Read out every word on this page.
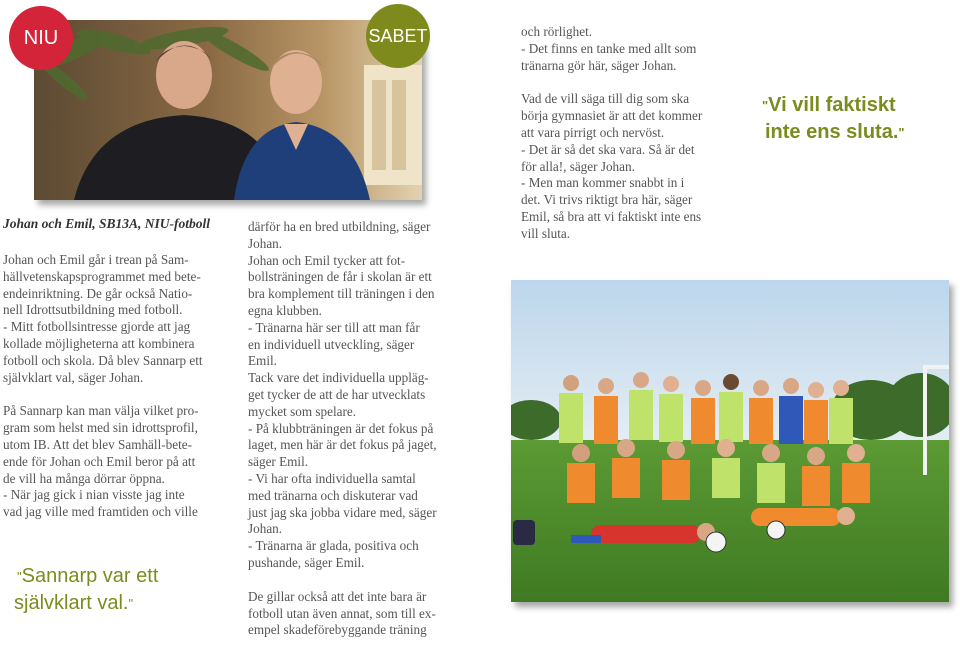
NIU	SABET
Johan och Emil, SB13A, NIU-fotboll

Johan och Emil går i trean på Sam-
hällvetenskapsprogrammet med bete-
endeinriktning. De går också Natio-
nell Idrottsutbildning med fotboll.
- Mitt fotbollsintresse gjorde att jag
kollade möjligheterna att kombinera
fotboll och skola. Då blev Sannarp ett
självklart val, säger Johan.

På Sannarp kan man välja vilket pro-
gram som helst med sin idrottsprofil,
utom IB. Att det blev Samhäll-bete-
ende för Johan och Emil beror på att
de vill ha många dörrar öppna.
- När jag gick i nian visste jag inte
vad jag ville med framtiden och ville

"Sannarp var ett
självklart val."

därför ha en bred utbildning, säger
Johan.
Johan och Emil tycker att fot-
bollsträningen de får i skolan är ett
bra komplement till träningen i den
egna klubben.
- Tränarna här ser till att man får
en individuell utveckling, säger
Emil.
Tack vare det individuella uppläg-
get tycker de att de har utvecklats
mycket som spelare.
- På klubbträningen är det fokus på
laget, men här är det fokus på jaget,
säger Emil.
- Vi har ofta individuella samtal
med tränarna och diskuterar vad
just jag ska jobba vidare med, säger
Johan.
- Tränarna är glada, positiva och
pushande, säger Emil.

De gillar också att det inte bara är
fotboll utan även annat, som till ex-
empel skadeförebyggande träning

och rörlighet.
- Det finns en tanke med allt som
tränarna gör här, säger Johan.

Vad de vill säga till dig som ska
börja gymnasiet är att det kommer
att vara pirrigt och nervöst.
- Det är så det ska vara. Så är det
för alla!, säger Johan.
- Men man kommer snabbt in i
det. Vi trivs riktigt bra här, säger
Emil, så bra att vi faktiskt inte ens
vill sluta.

"Vi vill faktiskt
inte ens sluta."
